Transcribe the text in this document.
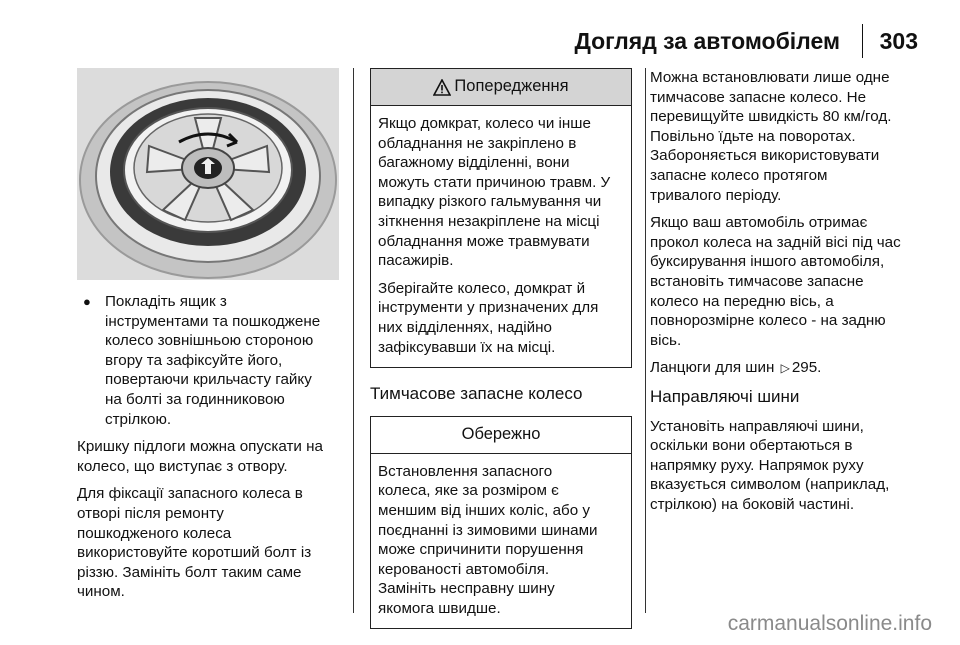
Догляд за автомобілем 303
● Покладіть ящик з
інструментами та пошкоджене
колесо зовнішньою стороною
вгору та зафіксуйте його,
повертаючи крильчасту гайку
на болті за годинниковою
стрілкою.

Кришку підлоги можна опускати на
колесо, що виступає з отвору.

Для фіксації запасного колеса в
отворі після ремонту
пошкодженого колеса
використовуйте коротший болт із
різзю. Замініть болт таким саме
чином.

Попередження

Якщо домкрат, колесо чи інше
обладнання не закріплено в
багажному відділенні, вони
можуть стати причиною травм. У
випадку різкого гальмування чи
зіткнення незакріплене на місці
обладнання може травмувати
пасажирів.

Зберігайте колесо, домкрат й
інструменти у призначених для
них відділеннях, надійно
зафіксувавши їх на місці.

Тимчасове запасне колесо
Обережно

Встановлення запасного
колеса, яке за розміром є
меншим від інших коліс, або у
поєднанні із зимовими шинами
може спричинити порушення
керованості автомобіля.
Замініть несправну шину
якомога швидше.

Можна встановлювати лише одне
тимчасове запасне колесо. Не
перевищуйте швидкість 80 км/год.
Повільно їдьте на поворотах.
Забороняється використовувати
запасне колесо протягом
тривалого періоду.

Якщо ваш автомобіль отримає
прокол колеса на задній вісі під час
буксирування іншого автомобіля,
встановіть тимчасове запасне
колесо на передню вісь, а
повнорозмірне колесо - на задню
вісь.

Ланцюги для шин ▷ 295.

Направляючі шини

Установіть направляючі шини,
оскільки вони обертаються в
напрямку руху. Напрямок руху
вказується символом (наприклад,
стрілкою) на боковій частині.

carmanualsonline.info
